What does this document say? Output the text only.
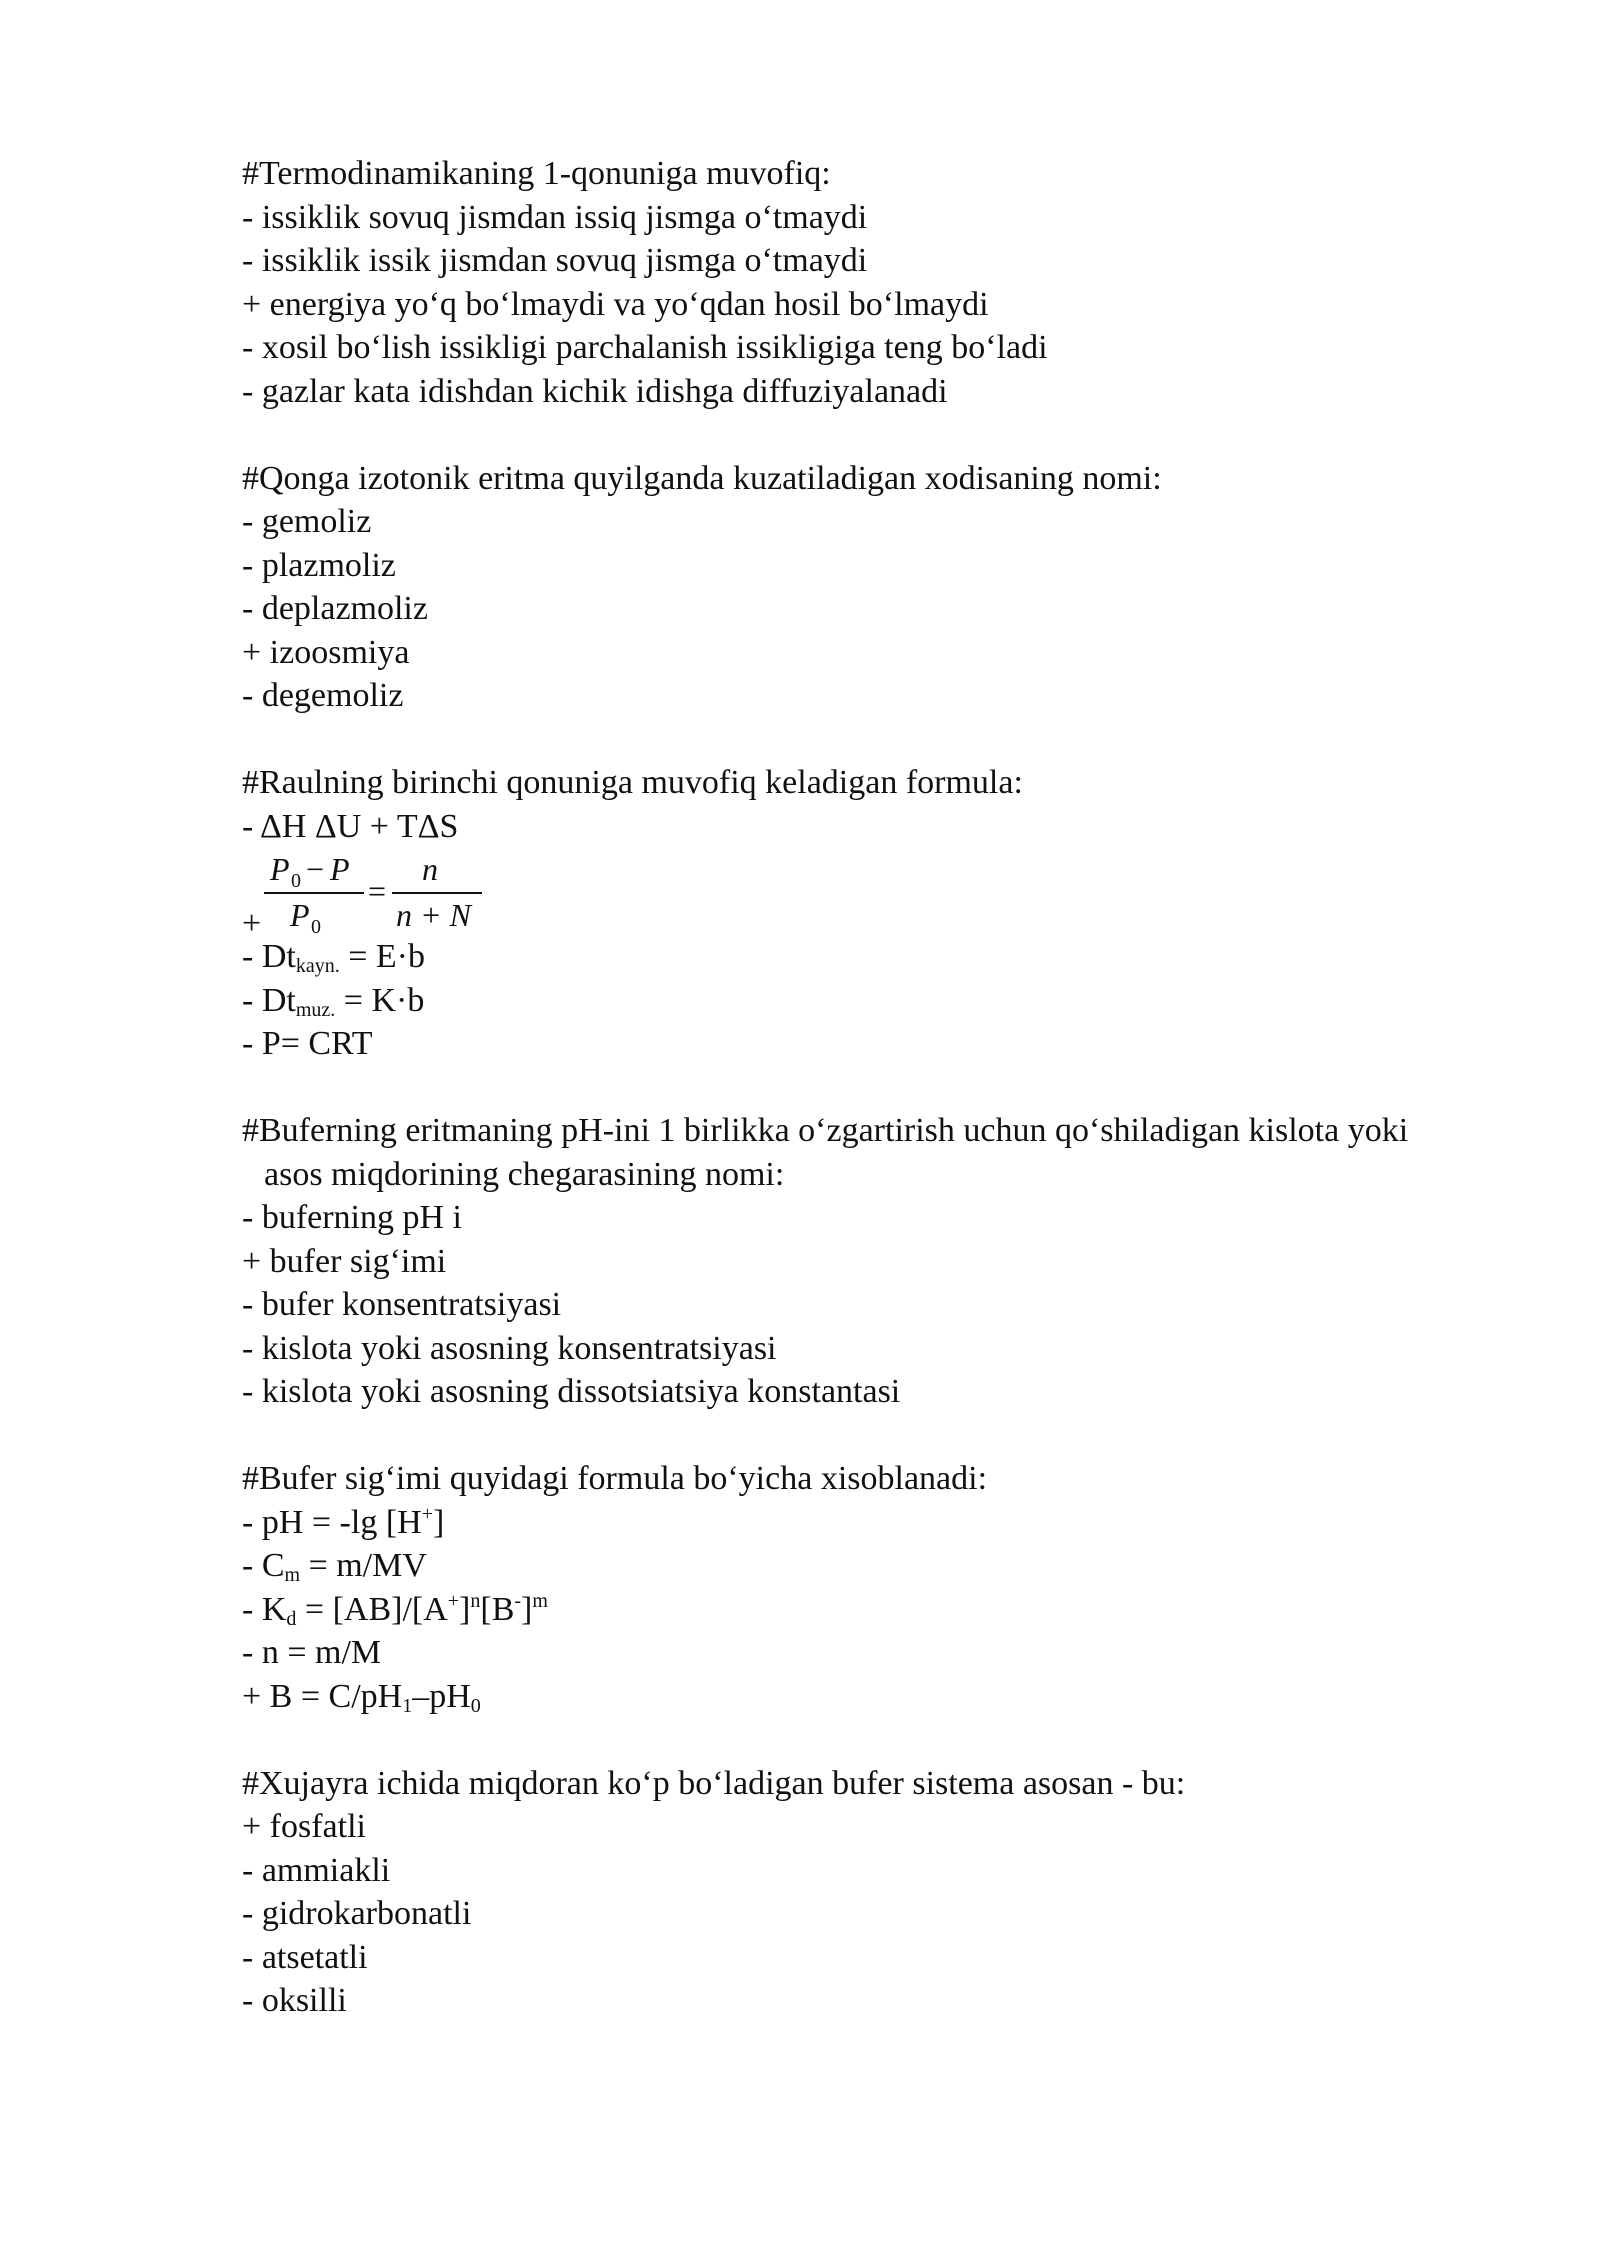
#Termodinamikaning 1-qonuniga muvofiq:
- issiklik sovuq jismdan issiq jismga o‘tmaydi
- issiklik issik jismdan sovuq jismga o‘tmaydi
+ energiya yo‘q bo‘lmaydi va yo‘qdan hosil bo‘lmaydi
- xosil bo‘lish issikligi parchalanish issikligiga teng bo‘ladi
- gazlar kata idishdan kichik idishga diffuziyalanadi
#Qonga izotonik eritma quyilganda kuzatiladigan xodisaning nomi:
- gemoliz
- plazmoliz
- deplazmoliz
+ izoosmiya
- degemoliz
#Raulning birinchi qonuniga muvofiq keladigan formula:
- ΔH ΔU + TΔS
+
P 0 − P
=
n
P 0 n + N
- $Dt_{kayn.} = E\cdot b$
- $Dt_{muz.} = K\cdot b$
- P= CRT
#Buferning eritmaning pH-ini 1 birlikka o‘zgartirish uchun qo‘shiladigan kislota yoki
asos miqdorining chegarasining nomi:
- buferning pH i
+ bufer sig‘imi
- bufer konsentratsiyasi
- kislota yoki asosning konsentratsiyasi
- kislota yoki asosning dissotsiatsiya konstantasi
#Bufer sig‘imi quyidagi formula bo‘yicha xisoblanadi:
- pH = -lg [H+]
- $C_m = m/MV$
- $K_d = [AB]/[A^+]^n[B^-]^m$
- n = m/M
+ $B = C/pH_1-pH_0$
#Xujayra ichida miqdoran ko‘p bo‘ladigan bufer sistema asosan - bu:
+ fosfatli
- ammiakli
- gidrokarbonatli
- atsetatli
- oksilli
